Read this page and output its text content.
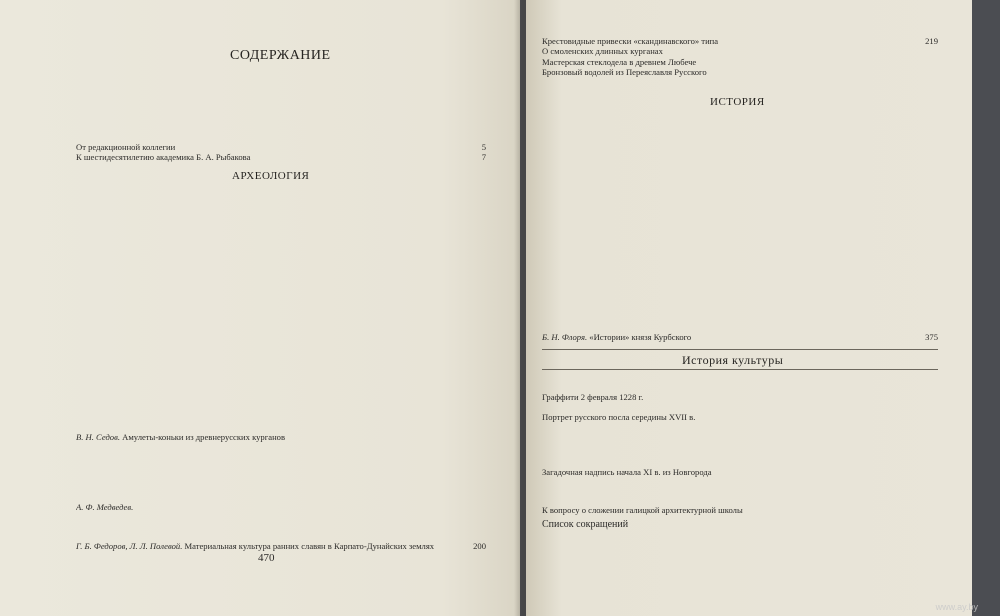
СОДЕРЖАНИЕ
От редакционной коллегии	5
К шестидесятилетию академика Б. А. Рыбакова	7
АРХЕОЛОГИЯ
В. Н. Седов. Амулеты-коньки из древнерусских курганов
А. Ф. Медведев.
Г. Б. Федоров, Л. Л. Полевой. Материальная культура ранних славян в Карпато-Дунайских землях	200
470
Крестовидные привески «скандинавского» типа	219
О смоленских длинных курганах
Мастерская стеклодела в древнем Любече
Бронзовый водолей из Переяславля Русского
ИСТОРИЯ
Б. Н. Флоря. «Истории» князя Курбского	375
История культуры
Граффити 2 февраля 1228 г.
Портрет русского посла середины XVII в.
Загадочная надпись начала XI в. из Новгорода
К вопросу о сложении галицкой архитектурной школы
Список сокращений
www.ay.by
